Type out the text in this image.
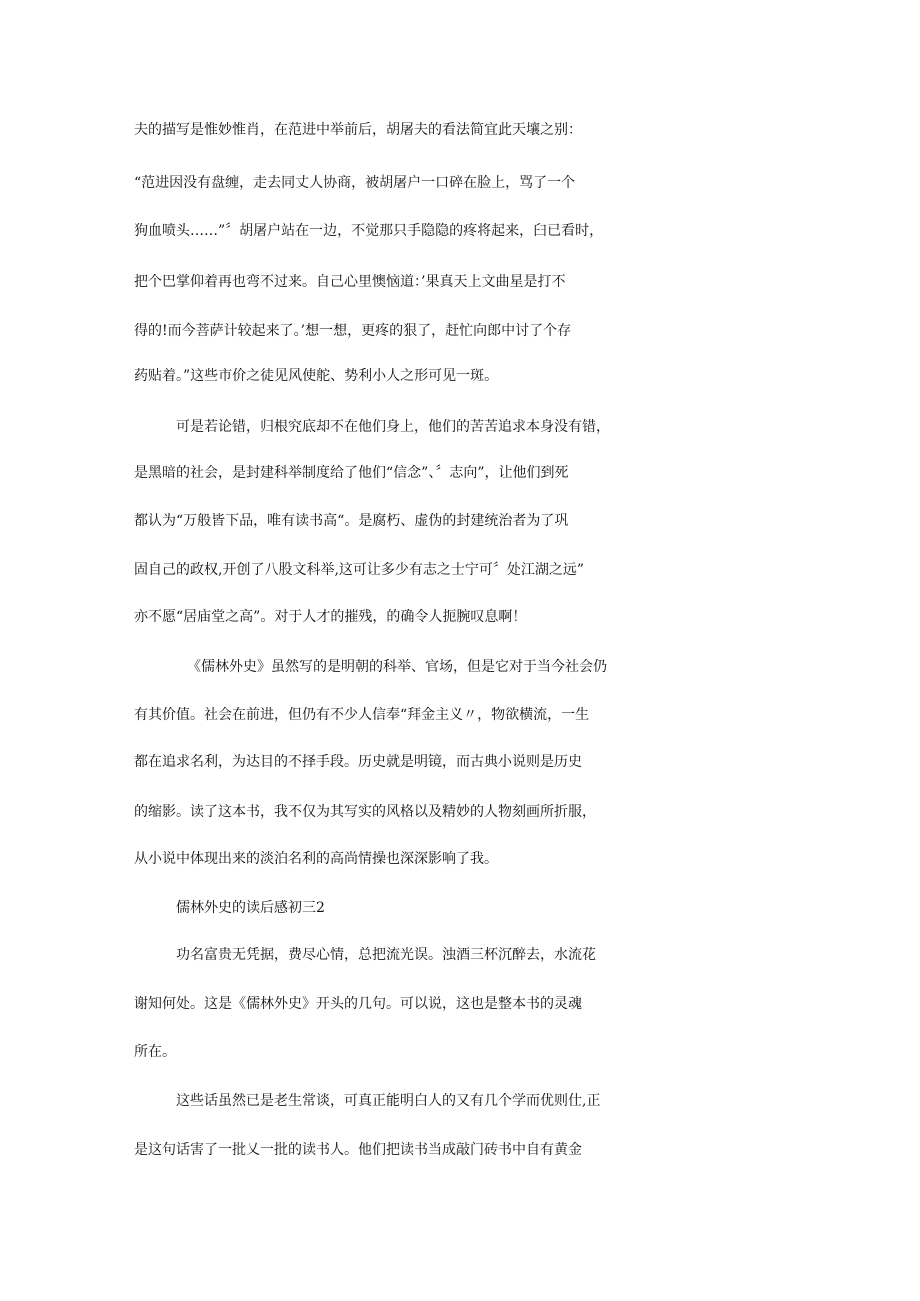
夫的描写是惟妙惟肖，在范进中举前后，胡屠夫的看法简宜此天壤之别：

“范进因没有盘缠，走去同丈人协商，被胡屠户一口碎在脸上，骂了一个

狗血喷头……”〞胡屠户站在一边，不觉那只手隐隐的疼将起来，臼已看时，

把个巴掌仰着再也弯不过来。自己心里懊恼道：’果真天上文曲星是打不

得的!而今菩萨计较起来了。’想一想，更疼的狠了，赶忙向郎中讨了个存

药贴着。”这些市价之徒见风使舵、势利小人之形可见一斑。

可是若论错，归根究底却不在他们身上，他们的苦苦追求本身没有错，

是黑暗的社会，是封建科举制度给了他们“信念”、〞志向”，让他们到死

都认为“万般皆下品，唯有读书高“。是腐朽、虚伪的封建统治者为了巩

固自己的政权,开创了八股文科举,这可让多少有志之士宁可〞处江湖之远”

亦不愿“居庙堂之高”。对于人才的摧残，的确令人扼腕叹息啊！

《儒林外史》虽然写的是明朝的科举、官场，但是它对于当今社会仍

有其价值。社会在前进，但仍有不少人信奉“拜金主义〃，物欲横流，一生

都在追求名利，为达目的不择手段。历史就是明镜，而古典小说则是历史

的缩影。读了这本书，我不仅为其写实的风格以及精妙的人物刻画所折服，

从小说中体现出来的淡泊名利的高尚情操也深深影响了我。

儒林外史的读后感初三2

功名富贵无凭据，费尽心情，总把流光误。浊酒三杯沉醉去，水流花

谢知何处。这是《儒林外史》开头的几句。可以说，这也是整本书的灵魂

所在。

这些话虽然已是老生常谈，可真正能明白人的又有几个学而优则仕,正

是这句话害了一批乂一批的读书人。他们把读书当成敲门砖书中自有黄金
